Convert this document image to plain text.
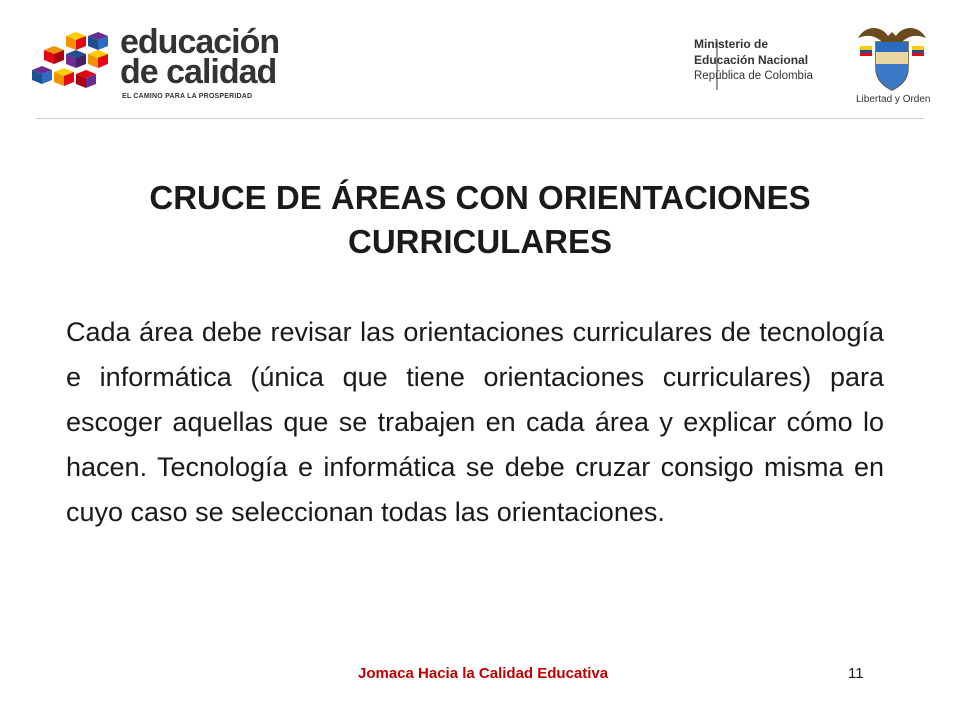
educación
de calidad
EL CAMINO PARA LA PROSPERIDAD
Ministerio de
Educación Nacional
República de Colombia
Libertad y Orden
CRUCE DE ÁREAS CON ORIENTACIONES CURRICULARES
Cada área debe revisar las orientaciones curriculares de tecnología e informática (única que tiene orientaciones curriculares) para escoger aquellas que se trabajen en cada área y explicar cómo lo hacen. Tecnología e informática se debe cruzar consigo misma en cuyo caso se seleccionan todas las orientaciones.
Jomaca Hacia la Calidad Educativa	11
